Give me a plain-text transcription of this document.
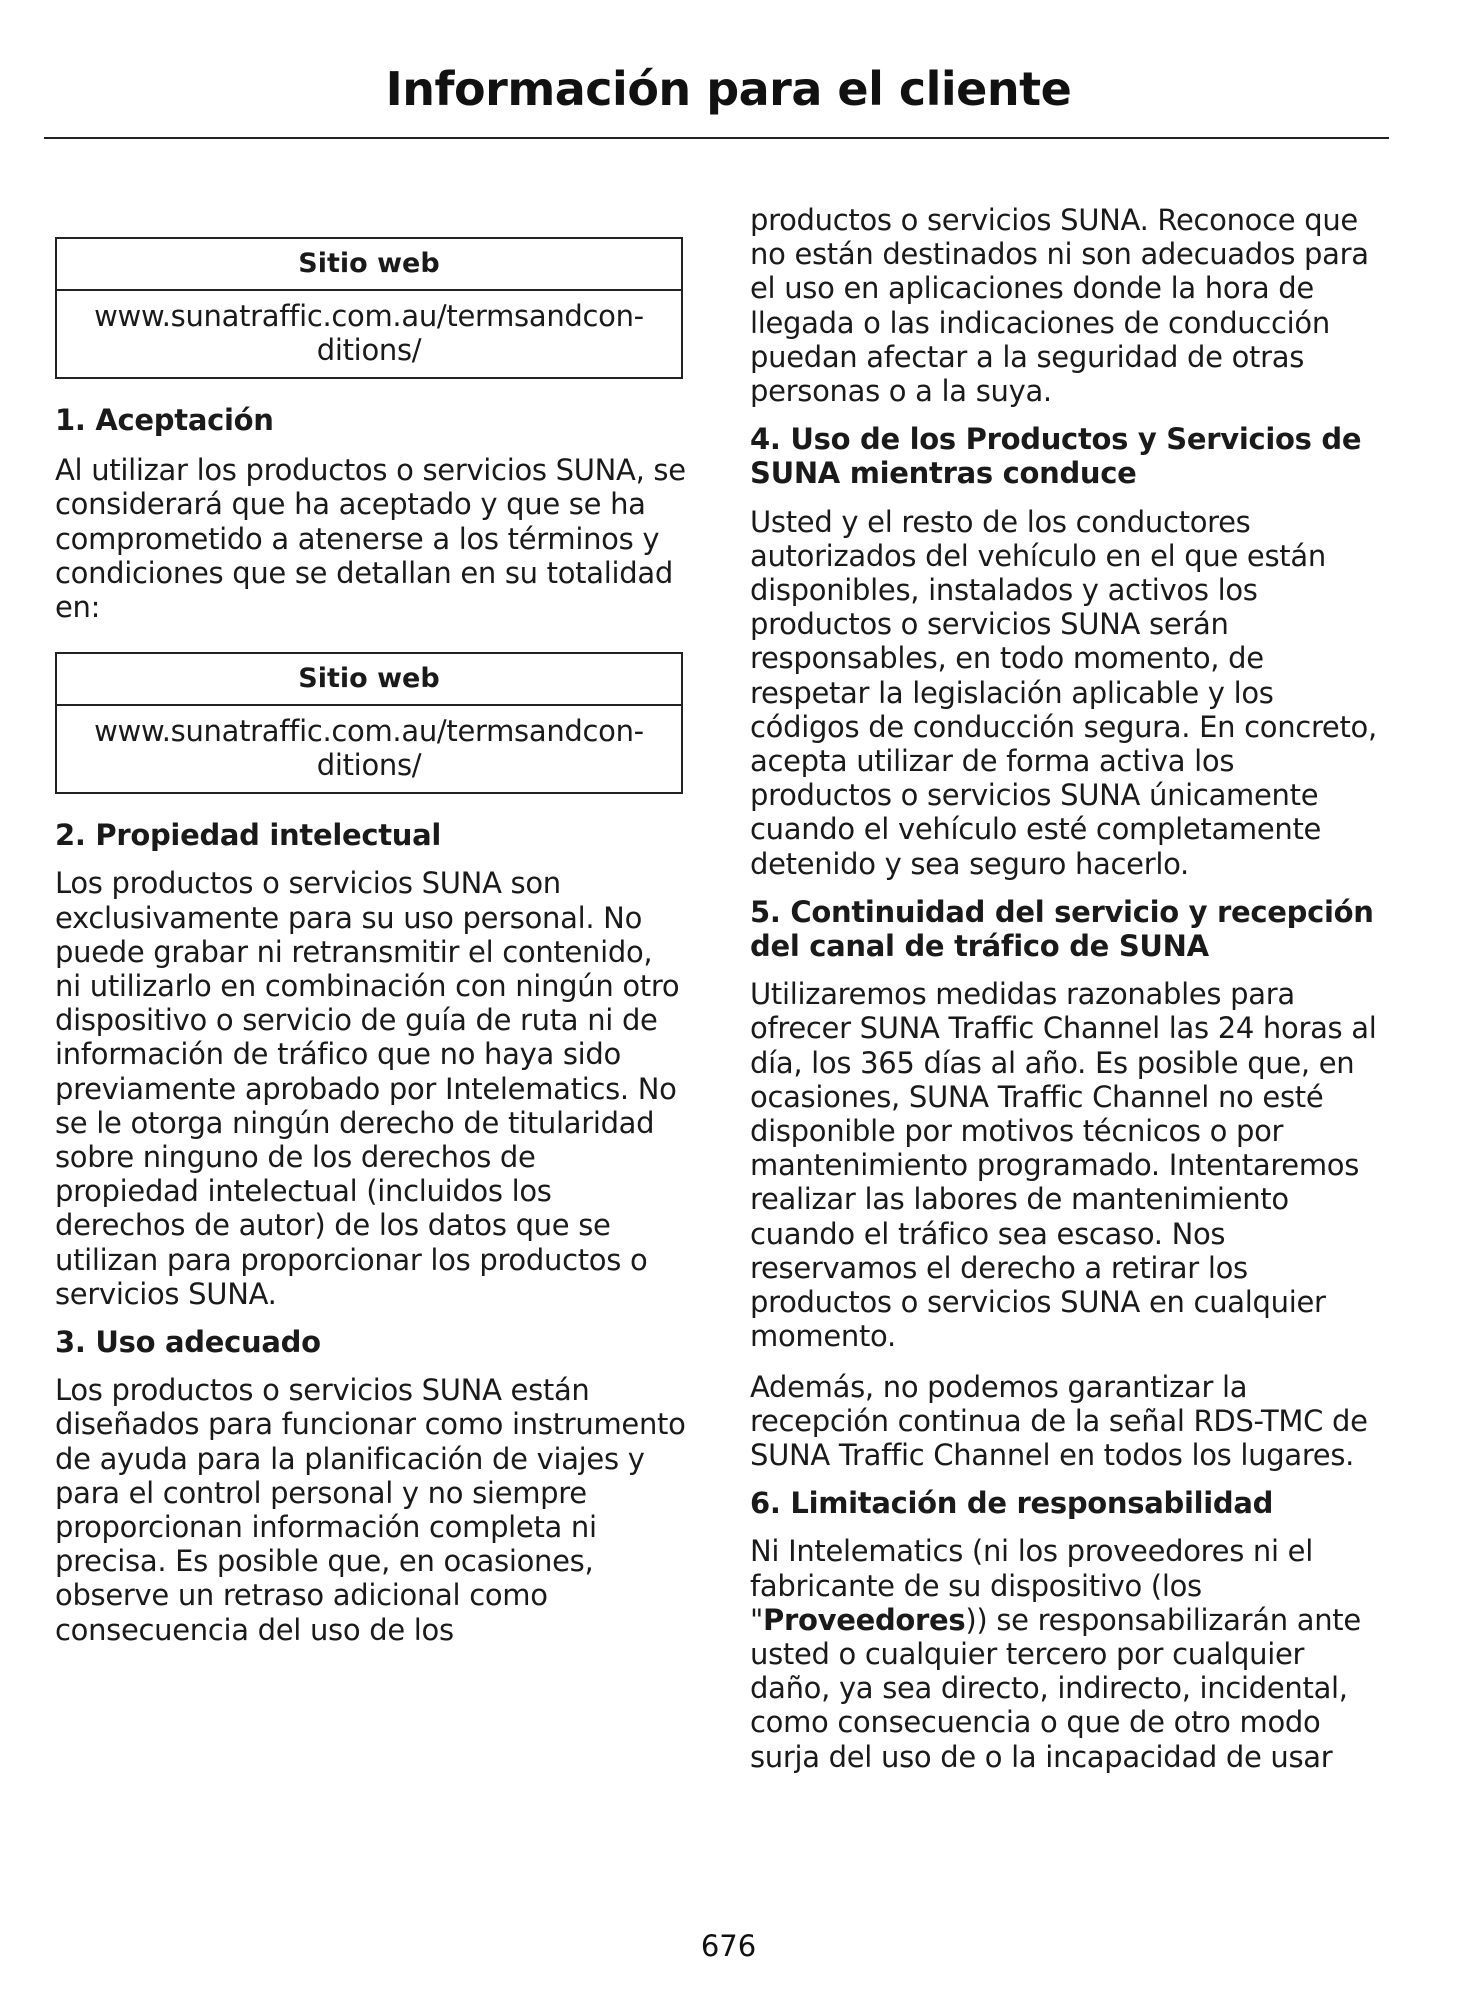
Información para el cliente
Sitio web
www.sunatraffic.com.au/termsandcon-
ditions/
1. Aceptación

Al utilizar los productos o servicios SUNA, se considerará que ha aceptado y que se ha comprometido a atenerse a los términos y condiciones que se detallan en su totalidad en:

Sitio web
www.sunatraffic.com.au/termsandcon-
ditions/
2. Propiedad intelectual

Los productos o servicios SUNA son exclusivamente para su uso personal. No puede grabar ni retransmitir el contenido, ni utilizarlo en combinación con ningún otro dispositivo o servicio de guía de ruta ni de información de tráfico que no haya sido previamente aprobado por Intelematics. No se le otorga ningún derecho de titularidad sobre ninguno de los derechos de propiedad intelectual (incluidos los derechos de autor) de los datos que se utilizan para proporcionar los productos o servicios SUNA.

3. Uso adecuado

Los productos o servicios SUNA están diseñados para funcionar como instrumento de ayuda para la planificación de viajes y para el control personal y no siempre proporcionan información completa ni precisa. Es posible que, en ocasiones, observe un retraso adicional como consecuencia del uso de los

productos o servicios SUNA. Reconoce que no están destinados ni son adecuados para el uso en aplicaciones donde la hora de llegada o las indicaciones de conducción puedan afectar a la seguridad de otras personas o a la suya.

4. Uso de los Productos y Servicios de SUNA mientras conduce

Usted y el resto de los conductores autorizados del vehículo en el que están disponibles, instalados y activos los productos o servicios SUNA serán responsables, en todo momento, de respetar la legislación aplicable y los códigos de conducción segura. En concreto, acepta utilizar de forma activa los productos o servicios SUNA únicamente cuando el vehículo esté completamente detenido y sea seguro hacerlo.

5. Continuidad del servicio y recepción del canal de tráfico de SUNA

Utilizaremos medidas razonables para ofrecer SUNA Traffic Channel las 24 horas al día, los 365 días al año. Es posible que, en ocasiones, SUNA Traffic Channel no esté disponible por motivos técnicos o por mantenimiento programado. Intentaremos realizar las labores de mantenimiento cuando el tráfico sea escaso. Nos reservamos el derecho a retirar los productos o servicios SUNA en cualquier momento.

Además, no podemos garantizar la recepción continua de la señal RDS-TMC de SUNA Traffic Channel en todos los lugares.

6. Limitación de responsabilidad

Ni Intelematics (ni los proveedores ni el fabricante de su dispositivo (los "Proveedores)) se responsabilizarán ante usted o cualquier tercero por cualquier daño, ya sea directo, indirecto, incidental, como consecuencia o que de otro modo surja del uso de o la incapacidad de usar

676
